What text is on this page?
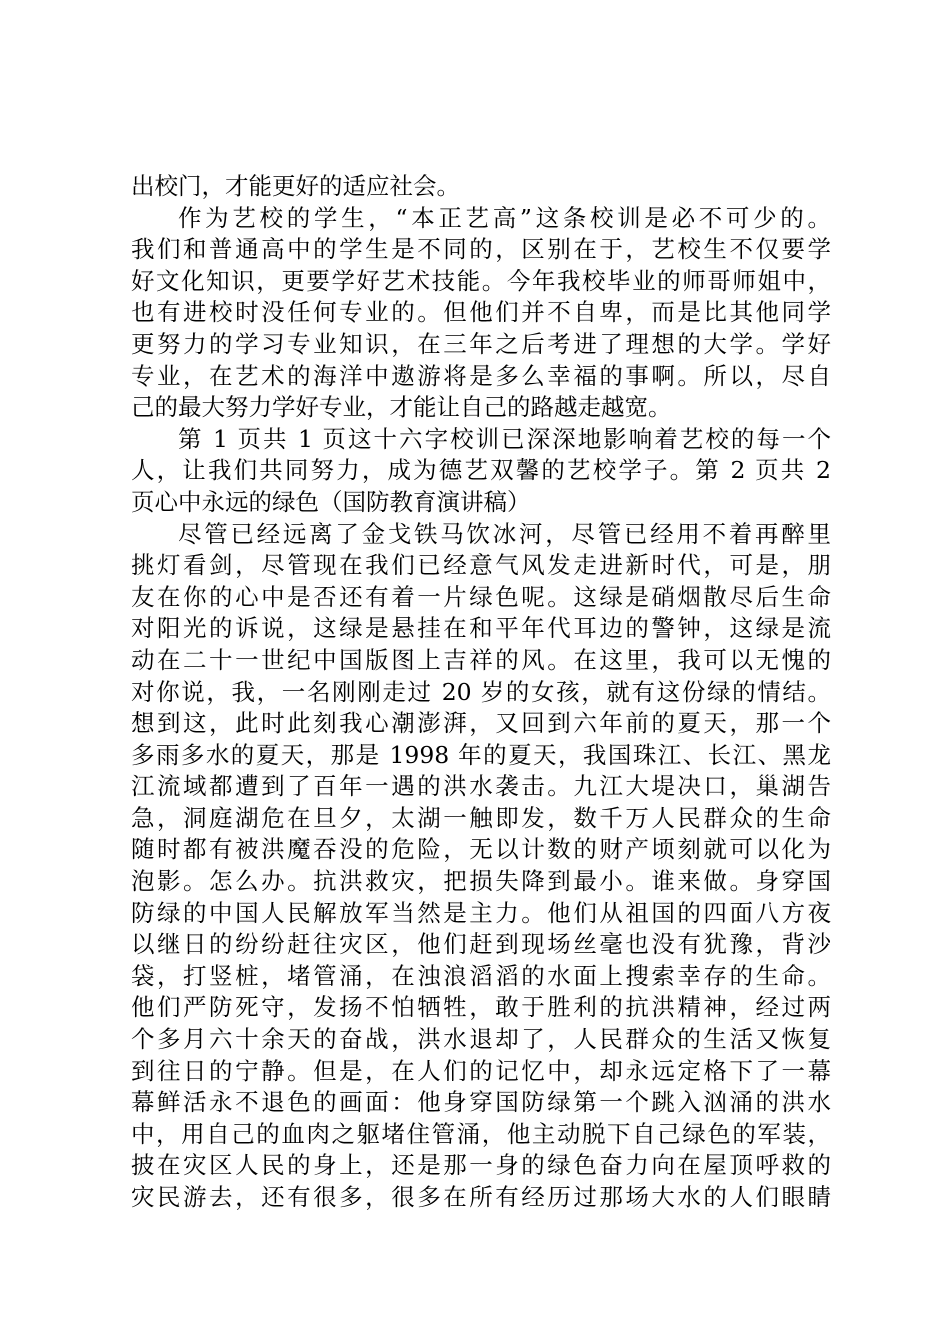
出校门，才能更好的适应社会。
作为艺校的学生，“本正艺高”这条校训是必不可少的。
我们和普通高中的学生是不同的，区别在于，艺校生不仅要学
好文化知识，更要学好艺术技能。今年我校毕业的师哥师姐中，
也有进校时没任何专业的。但他们并不自卑，而是比其他同学
更努力的学习专业知识，在三年之后考进了理想的大学。学好
专业，在艺术的海洋中遨游将是多么幸福的事啊。所以，尽自
己的最大努力学好专业，才能让自己的路越走越宽。
第 1 页共 1 页这十六字校训已深深地影响着艺校的每一个
人，让我们共同努力，成为德艺双馨的艺校学子。第 2 页共 2
页心中永远的绿色（国防教育演讲稿）
尽管已经远离了金戈铁马饮冰河，尽管已经用不着再醉里
挑灯看剑，尽管现在我们已经意气风发走进新时代，可是，朋
友在你的心中是否还有着一片绿色呢。这绿是硝烟散尽后生命
对阳光的诉说，这绿是悬挂在和平年代耳边的警钟，这绿是流
动在二十一世纪中国版图上吉祥的风。在这里，我可以无愧的
对你说，我，一名刚刚走过 20 岁的女孩，就有这份绿的情结。
想到这，此时此刻我心潮澎湃，又回到六年前的夏天，那一个
多雨多水的夏天，那是 1998 年的夏天，我国珠江、长江、黑龙
江流域都遭到了百年一遇的洪水袭击。九江大堤决口，巢湖告
急，洞庭湖危在旦夕，太湖一触即发，数千万人民群众的生命
随时都有被洪魔吞没的危险，无以计数的财产顷刻就可以化为
泡影。怎么办。抗洪救灾，把损失降到最小。谁来做。身穿国
防绿的中国人民解放军当然是主力。他们从祖国的四面八方夜
以继日的纷纷赶往灾区，他们赶到现场丝毫也没有犹豫，背沙
袋，打竖桩，堵管涌，在浊浪滔滔的水面上搜索幸存的生命。
他们严防死守，发扬不怕牺牲，敢于胜利的抗洪精神，经过两
个多月六十余天的奋战，洪水退却了，人民群众的生活又恢复
到往日的宁静。但是，在人们的记忆中，却永远定格下了一幕
幕鲜活永不退色的画面：他身穿国防绿第一个跳入汹涌的洪水
中，用自己的血肉之躯堵住管涌，他主动脱下自己绿色的军装，
披在灾区人民的身上，还是那一身的绿色奋力向在屋顶呼救的
灾民游去，还有很多，很多在所有经历过那场大水的人们眼睛
